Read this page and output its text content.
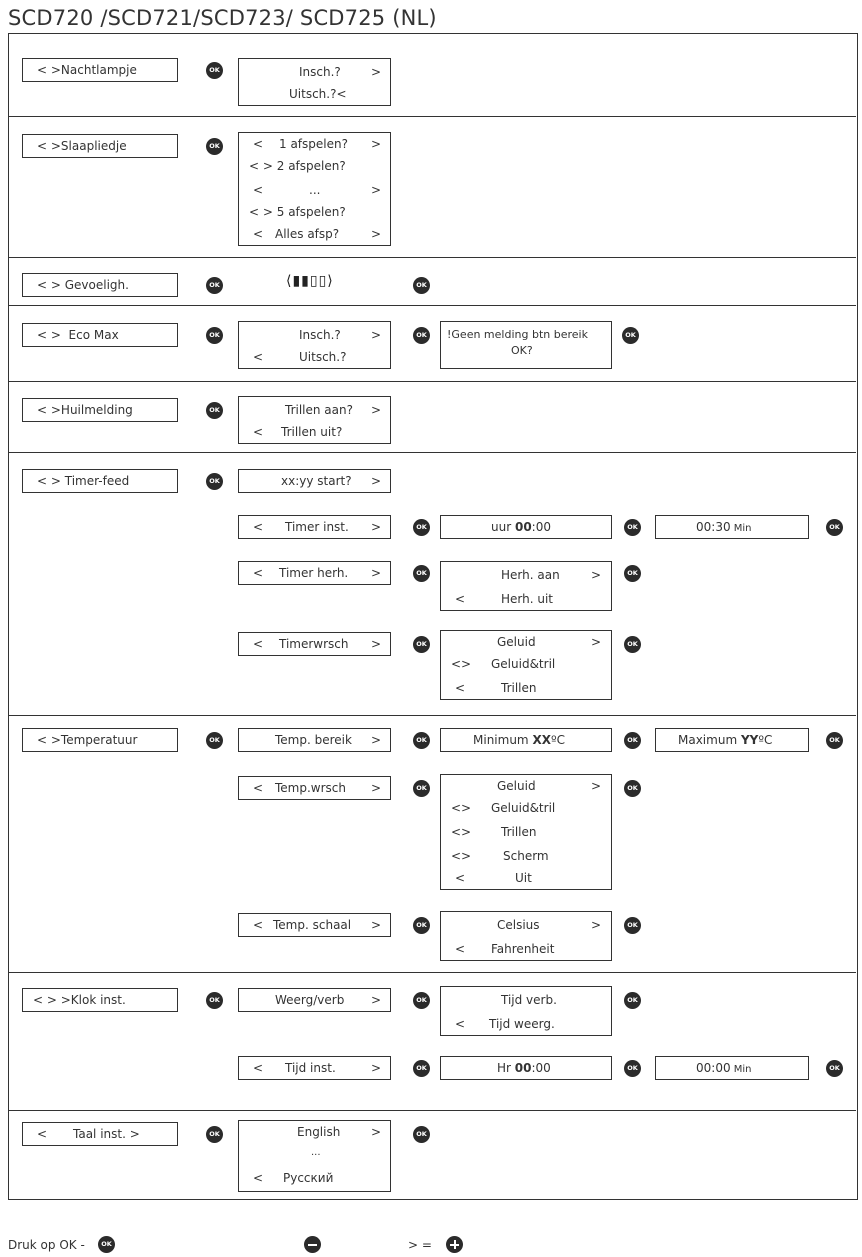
SCD720 /SCD721/SCD723/ SCD725 (NL)
< >Nachtlampje	OK	Insch.?	>
Uitsch.?<
< >Slaapliedje	OK	< 1 afspelen? >
< > 2 afspelen?
<	...	>
< > 5 afspelen?
< Alles afsp?	>
< > Gevoeligh.	OK	⟨▮▮▯▯⟩	OK
< >  Eco Max	OK	Insch.?	>
<	Uitsch.?
OK !Geen melding btn bereik
OK?
OK
< >Huilmelding	OK	Trillen aan? >
< Trillen uit?
< > Timer-feed	OK	xx:yy start? >
< Timer inst. >	OK	uur 00:00	OK	00:30 Min	OK
< Timer herh. >	OK	Herh. aan	>
<	Herh. uit
OK
< Timerwrsch >	OK	Geluid	>
<> Geluid&tril
<	Trillen
OK
< >Temperatuur	OK	Temp. bereik >	OK	Minimum XXºC	OK	Maximum YYºC	OK
< Temp.wrsch >	OK	Geluid	>
<> Geluid&tril
<> Trillen
<>	Scherm
<	Uit
OK
< Temp. schaal >	OK	Celsius	>
< Fahrenheit
OK
< > >Klok inst.	OK	Weerg/verb >	OK	Tijd verb.
< Tijd weerg.
OK
< Tijd inst.	>	OK	Hr 00:00	OK	00:00 Min	OK
< Taal inst. >	OK	English	>
...
< Русский
OK
Druk op OK -	OK	> =
